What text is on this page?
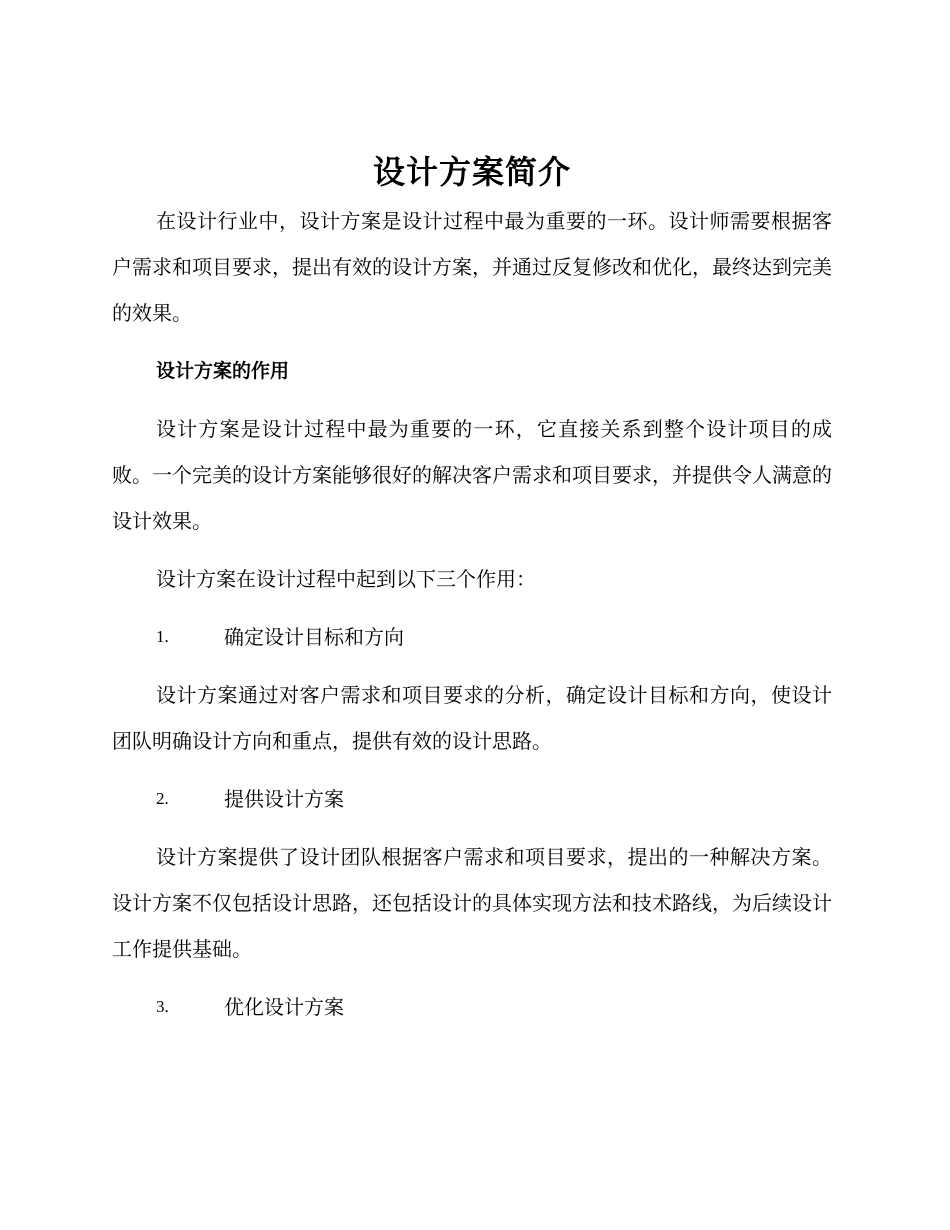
设计方案简介

在设计行业中，设计方案是设计过程中最为重要的一环。设计师需要根据客户需求和项目要求，提出有效的设计方案，并通过反复修改和优化，最终达到完美的效果。

设计方案的作用

设计方案是设计过程中最为重要的一环，它直接关系到整个设计项目的成败。一个完美的设计方案能够很好的解决客户需求和项目要求，并提供令人满意的设计效果。

设计方案在设计过程中起到以下三个作用：

1.	确定设计目标和方向

设计方案通过对客户需求和项目要求的分析，确定设计目标和方向，使设计团队明确设计方向和重点，提供有效的设计思路。

2.	提供设计方案

设计方案提供了设计团队根据客户需求和项目要求，提出的一种解决方案。设计方案不仅包括设计思路，还包括设计的具体实现方法和技术路线，为后续设计工作提供基础。

3.	优化设计方案
